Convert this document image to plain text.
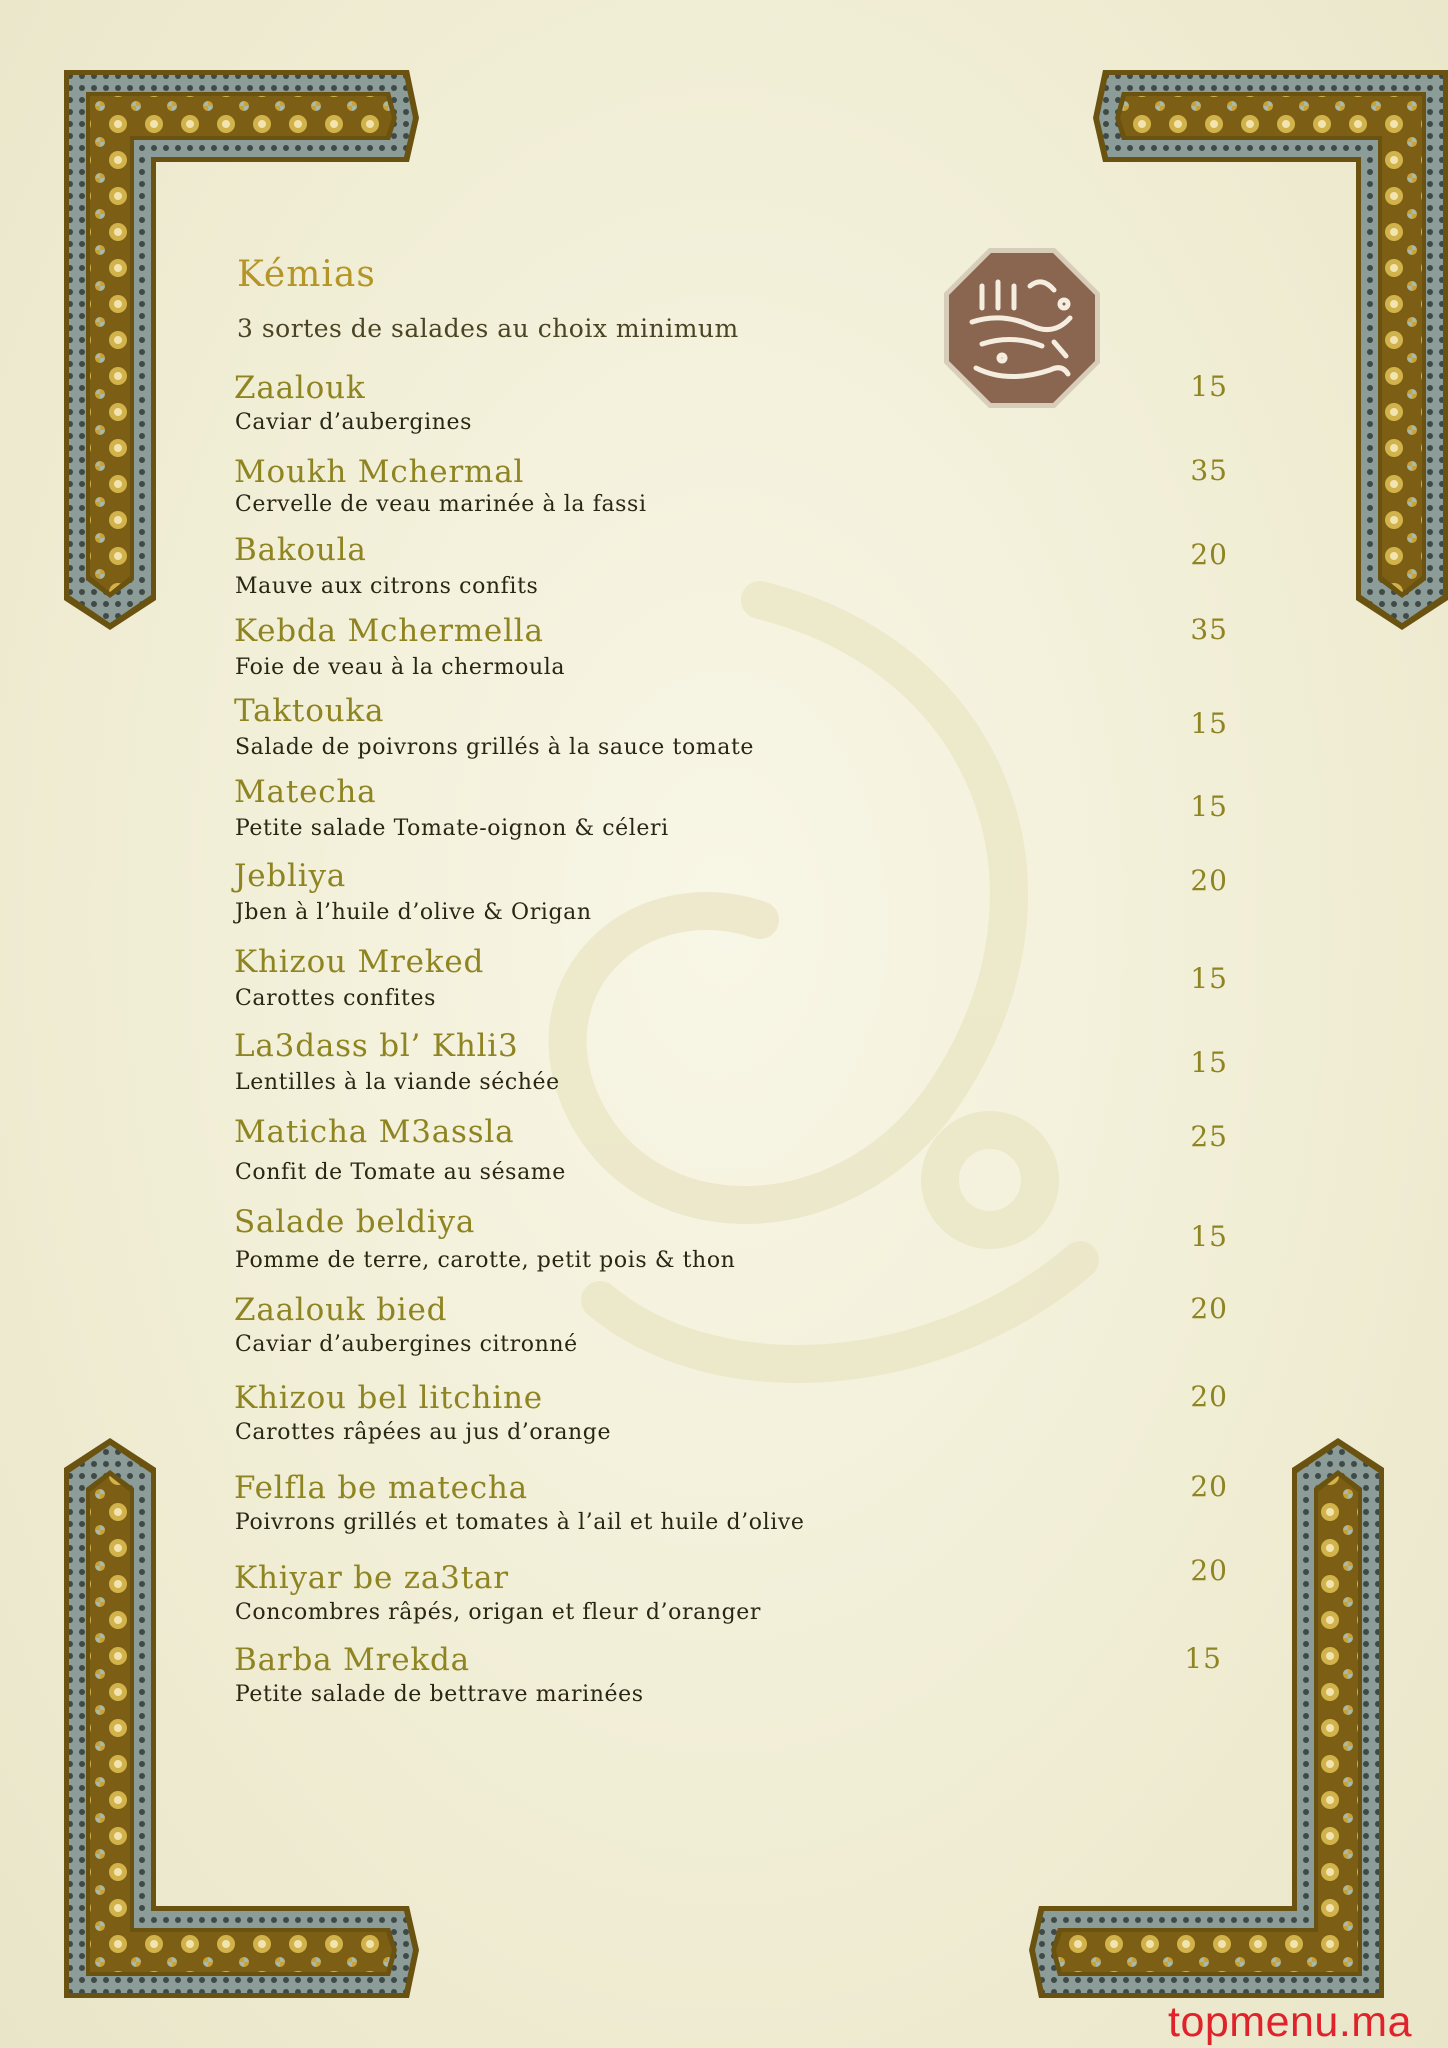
Kémias
3 sortes de salades au choix minimum
Zaalouk
Caviar d’aubergines
15
Moukh Mchermal
Cervelle de veau marinée à la fassi
35
Bakoula
Mauve aux citrons confits
20
Kebda Mchermella
Foie de veau à la chermoula
35
Taktouka
Salade de poivrons grillés à la sauce tomate
15
Matecha
Petite salade Tomate-oignon & céleri
15
Jebliya
Jben à l’huile d’olive & Origan
20
Khizou Mreked
Carottes confites
15
La3dass bl’ Khli3
Lentilles à la viande séchée
15
Maticha M3assla
Confit de Tomate au sésame
25
Salade beldiya
Pomme de terre, carotte, petit pois & thon
15
Zaalouk bied
Caviar d’aubergines citronné
20
Khizou bel litchine
Carottes râpées au jus d’orange
20
Felfla be matecha
Poivrons grillés et tomates à l’ail et huile d’olive
20
Khiyar be za3tar
Concombres râpés, origan et fleur d’oranger
20
Barba Mrekda
Petite salade de bettrave marinées
15
topmenu.ma
